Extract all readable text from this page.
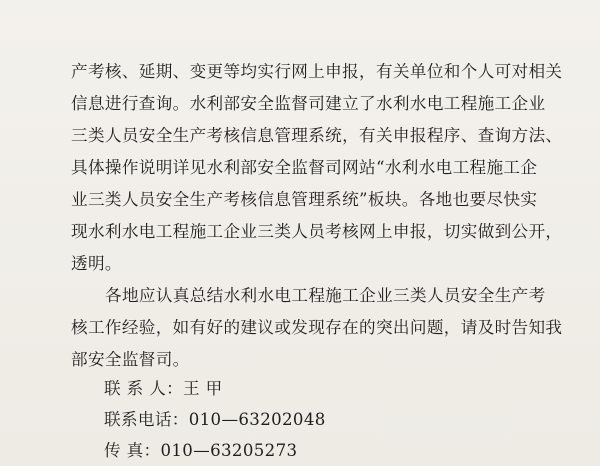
产考核、延期、变更等均实行网上申报，有关单位和个人可对相关
信息进行查询。水利部安全监督司建立了水利水电工程施工企业
三类人员安全生产考核信息管理系统，有关申报程序、查询方法、
具体操作说明详见水利部安全监督司网站“水利水电工程施工企
业三类人员安全生产考核信息管理系统”板块。各地也要尽快实
现水利水电工程施工企业三类人员考核网上申报，切实做到公开，
透明。
各地应认真总结水利水电工程施工企业三类人员安全生产考
核工作经验，如有好的建议或发现存在的突出问题，请及时告知我
部安全监督司。
联 系 人：王 甲
联系电话：010—63202048
传 真：010—63205273
